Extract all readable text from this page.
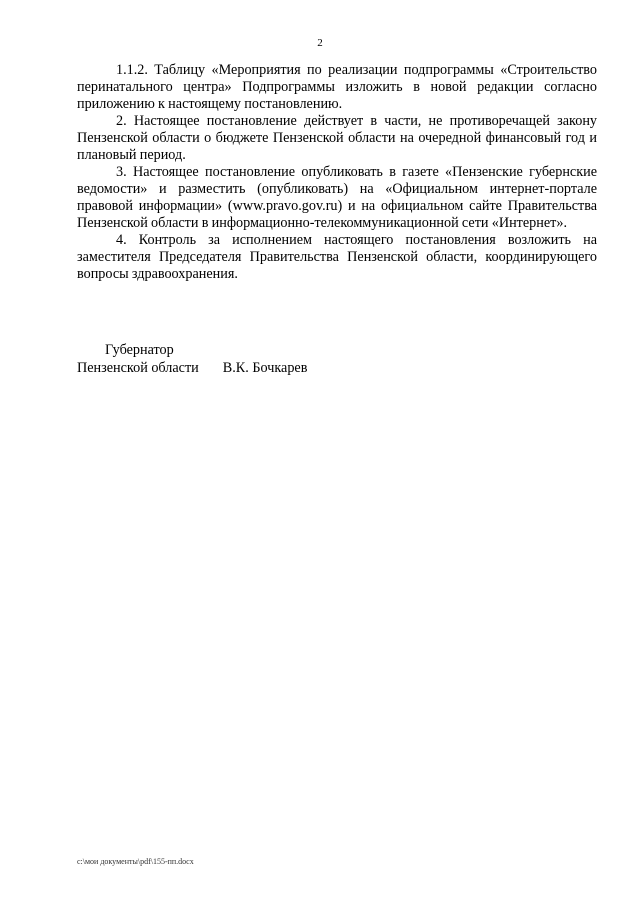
2

1.1.2. Таблицу «Мероприятия по реализации подпрограммы «Строительство перинатального центра» Подпрограммы изложить в новой редакции согласно приложению к настоящему постановлению.

2. Настоящее постановление действует в части, не противоречащей закону Пензенской области о бюджете Пензенской области на очередной финансовый год и плановый период.

3. Настоящее постановление опубликовать в газете «Пензенские губернские ведомости» и разместить (опубликовать) на «Официальном интернет-портале правовой информации» (www.pravo.gov.ru) и на официальном сайте Правительства Пензенской области в информационно-телекоммуникационной сети «Интернет».

4. Контроль за исполнением настоящего постановления возложить на заместителя Председателя Правительства Пензенской области, координирующего вопросы здравоохранения.

Губернатор
Пензенской области В.К. Бочкарев
c:\мои документы\pdf\155-пп.docx
